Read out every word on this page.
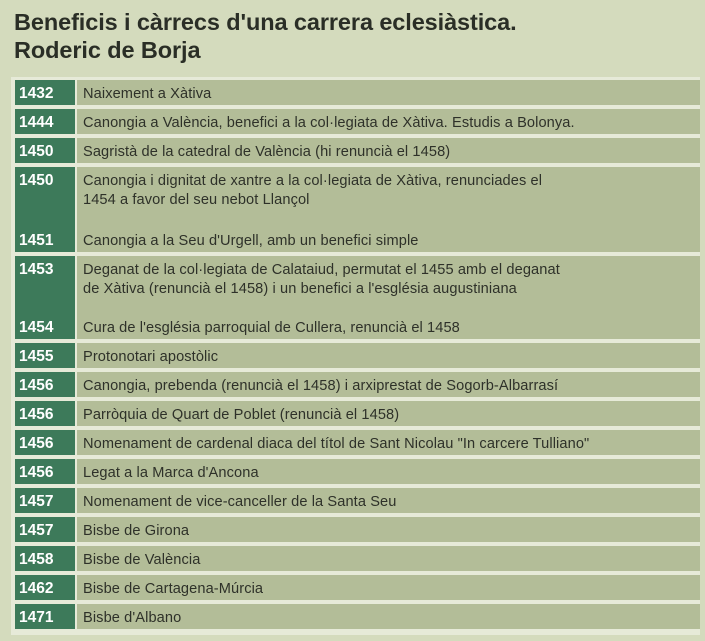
Beneficis i càrrecs d'una carrera eclesiàstica.
Roderic de Borja
1432	Naixement a Xàtiva
1444	Canongia a València, benefici a la col·legiata de Xàtiva. Estudis a Bolonya.
1450	Sagristà de la catedral de València (hi renuncià el 1458)
1450	Canongia i dignitat de xantre a la col·legiata de Xàtiva, renunciades el
1454 a favor del seu nebot Llançol
1451	Canongia a la Seu d'Urgell, amb un benefici simple
1453	Deganat de la col·legiata de Calataiud, permutat el 1455 amb el deganat
de Xàtiva (renuncià el 1458) i un benefici a l'església augustiniana
1454	Cura de l'església parroquial de Cullera, renuncià el 1458
1455	Protonotari apostòlic
1456	Canongia, prebenda (renuncià el 1458) i arxiprestat de Sogorb-Albarrasí
1456	Parròquia de Quart de Poblet (renuncià el 1458)
1456	Nomenament de cardenal diaca del títol de Sant Nicolau "In carcere Tulliano"
1456	Legat a la Marca d'Ancona
1457	Nomenament de vice-canceller de la Santa Seu
1457	Bisbe de Girona
1458	Bisbe de València
1462	Bisbe de Cartagena-Múrcia
1471	Bisbe d'Albano
